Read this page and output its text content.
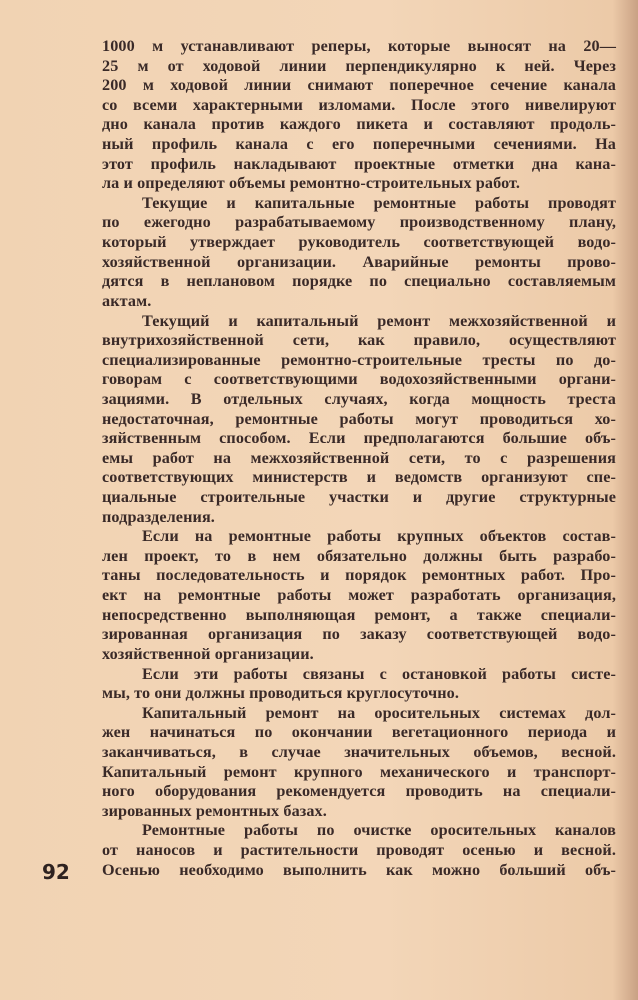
1000 м устанавливают реперы, которые выносят на 20—
25 м от ходовой линии перпендикулярно к ней. Через
200 м ходовой линии снимают поперечное сечение канала
со всеми характерными изломами. После этого нивелируют
дно канала против каждого пикета и составляют продоль-
ный профиль канала с его поперечными сечениями. На
этот профиль накладывают проектные отметки дна кана-
ла и определяют объемы ремонтно-строительных работ.
Текущие и капитальные ремонтные работы проводят
по ежегодно разрабатываемому производственному плану,
который утверждает руководитель соответствующей водо-
хозяйственной организации. Аварийные ремонты прово-
дятся в неплановом порядке по специально составляемым
актам.
Текущий и капитальный ремонт межхозяйственной и
внутрихозяйственной сети, как правило, осуществляют
специализированные ремонтно-строительные тресты по до-
говорам с соответствующими водохозяйственными органи-
зациями. В отдельных случаях, когда мощность треста
недостаточная, ремонтные работы могут проводиться хо-
зяйственным способом. Если предполагаются большие объ-
емы работ на межхозяйственной сети, то с разрешения
соответствующих министерств и ведомств организуют спе-
циальные строительные участки и другие структурные
подразделения.
Если на ремонтные работы крупных объектов состав-
лен проект, то в нем обязательно должны быть разрабо-
таны последовательность и порядок ремонтных работ. Про-
ект на ремонтные работы может разработать организация,
непосредственно выполняющая ремонт, а также специали-
зированная организация по заказу соответствующей водо-
хозяйственной организации.
Если эти работы связаны с остановкой работы систе-
мы, то они должны проводиться круглосуточно.
Капитальный ремонт на оросительных системах дол-
жен начинаться по окончании вегетационного периода и
заканчиваться, в случае значительных объемов, весной.
Капитальный ремонт крупного механического и транспорт-
ного оборудования рекомендуется проводить на специали-
зированных ремонтных базах.
Ремонтные работы по очистке оросительных каналов
от наносов и растительности проводят осенью и весной.
Осенью необходимо выполнить как можно больший объ-
92
